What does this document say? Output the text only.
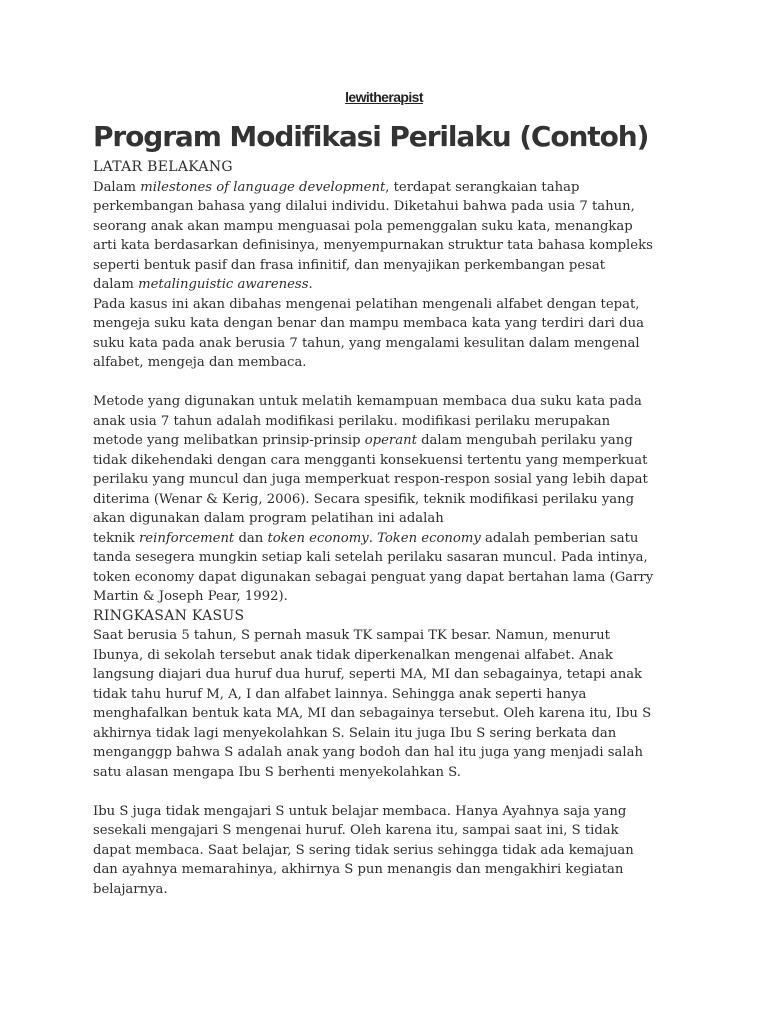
lewitherapist
Program Modifikasi Perilaku (Contoh)
LATAR BELAKANG
Dalam milestones of language development, terdapat serangkaian tahap
perkembangan bahasa yang dilalui individu. Diketahui bahwa pada usia 7 tahun,
seorang anak akan mampu menguasai pola pemenggalan suku kata, menangkap
arti kata berdasarkan definisinya, menyempurnakan struktur tata bahasa kompleks
seperti bentuk pasif dan frasa infinitif, dan menyajikan perkembangan pesat
dalam metalinguistic awareness.
Pada kasus ini akan dibahas mengenai pelatihan mengenali alfabet dengan tepat,
mengeja suku kata dengan benar dan mampu membaca kata yang terdiri dari dua
suku kata pada anak berusia 7 tahun, yang mengalami kesulitan dalam mengenal
alfabet, mengeja dan membaca.
Metode yang digunakan untuk melatih kemampuan membaca dua suku kata pada
anak usia 7 tahun adalah modifikasi perilaku. modifikasi perilaku merupakan
metode yang melibatkan prinsip-prinsip operant dalam mengubah perilaku yang
tidak dikehendaki dengan cara mengganti konsekuensi tertentu yang memperkuat
perilaku yang muncul dan juga memperkuat respon-respon sosial yang lebih dapat
diterima (Wenar & Kerig, 2006). Secara spesifik, teknik modifikasi perilaku yang
akan digunakan dalam program pelatihan ini adalah
teknik reinforcement dan token economy. Token economy adalah pemberian satu
tanda sesegera mungkin setiap kali setelah perilaku sasaran muncul. Pada intinya,
token economy dapat digunakan sebagai penguat yang dapat bertahan lama (Garry
Martin & Joseph Pear, 1992).
RINGKASAN KASUS
Saat berusia 5 tahun, S pernah masuk TK sampai TK besar. Namun, menurut
Ibunya, di sekolah tersebut anak tidak diperkenalkan mengenai alfabet. Anak
langsung diajari dua huruf dua huruf, seperti MA, MI dan sebagainya, tetapi anak
tidak tahu huruf M, A, I dan alfabet lainnya. Sehingga anak seperti hanya
menghafalkan bentuk kata MA, MI dan sebagainya tersebut. Oleh karena itu, Ibu S
akhirnya tidak lagi menyekolahkan S. Selain itu juga Ibu S sering berkata dan
menganggp bahwa S adalah anak yang bodoh dan hal itu juga yang menjadi salah
satu alasan mengapa Ibu S berhenti menyekolahkan S.
Ibu S juga tidak mengajari S untuk belajar membaca. Hanya Ayahnya saja yang
sesekali mengajari S mengenai huruf. Oleh karena itu, sampai saat ini, S tidak
dapat membaca. Saat belajar, S sering tidak serius sehingga tidak ada kemajuan
dan ayahnya memarahinya, akhirnya S pun menangis dan mengakhiri kegiatan
belajarnya.
